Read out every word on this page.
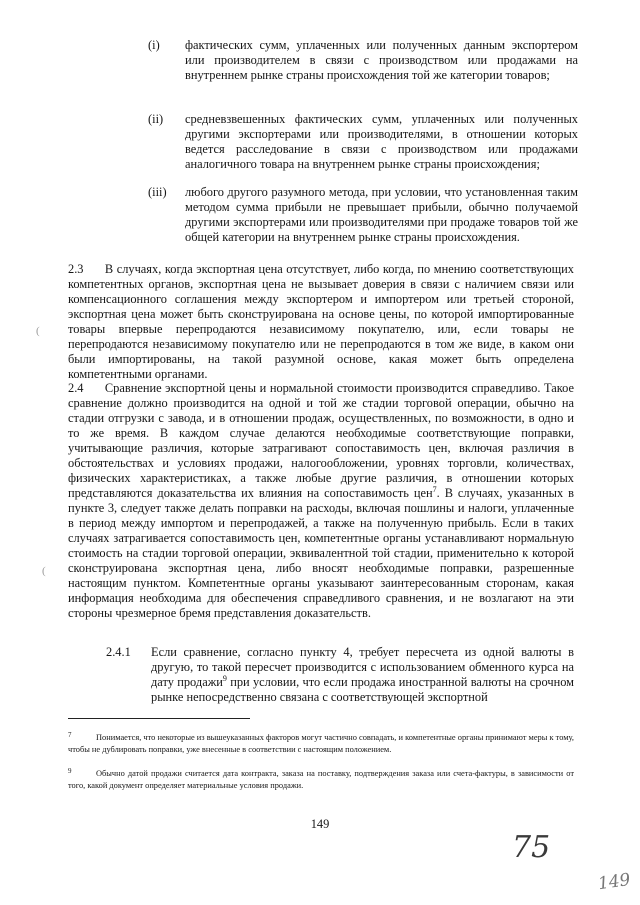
(i) фактических сумм, уплаченных или полученных данным экспортером или производителем в связи с производством или продажами на внутреннем рынке страны происхождения той же категории товаров;

(ii) средневзвешенных фактических сумм, уплаченных или полученных другими экспортерами или производителями, в отношении которых ведется расследование в связи с производством или продажами аналогичного товара на внутреннем рынке страны происхождения;

(iii) любого другого разумного метода, при условии, что установленная таким методом сумма прибыли не превышает прибыли, обычно получаемой другими экспортерами или производителями при продаже товаров той же общей категории на внутреннем рынке страны происхождения.

2.3 В случаях, когда экспортная цена отсутствует, либо когда, по мнению соответствующих компетентных органов, экспортная цена не вызывает доверия в связи с наличием связи или компенсационного соглашения между экспортером и импортером или третьей стороной, экспортная цена может быть сконструирована на основе цены, по которой импортированные товары впервые перепродаются независимому покупателю, или, если товары не перепродаются независимому покупателю или не перепродаются в том же виде, в каком они были импортированы, на такой разумной основе, какая может быть определена компетентными органами.

2.4 Сравнение экспортной цены и нормальной стоимости производится справедливо. Такое сравнение должно производится на одной и той же стадии торговой операции, обычно на стадии отгрузки с завода, и в отношении продаж, осуществленных, по возможности, в одно и то же время. В каждом случае делаются необходимые соответствующие поправки, учитывающие различия, которые затрагивают сопоставимость цен, включая различия в обстоятельствах и условиях продажи, налогообложении, уровнях торговли, количествах, физических характеристиках, а также любые другие различия, в отношении которых представляются доказательства их влияния на сопоставимость цен$^7$. В случаях, указанных в пункте 3, следует также делать поправки на расходы, включая пошлины и налоги, уплаченные в период между импортом и перепродажей, а также на полученную прибыль. Если в таких случаях затрагивается сопоставимость цен, компетентные органы устанавливают нормальную стоимость на стадии торговой операции, эквивалентной той стадии, применительно к которой сконструирована экспортная цена, либо вносят необходимые поправки, разрешенные настоящим пунктом. Компетентные органы указывают заинтересованным сторонам, какая информация необходима для обеспечения справедливого сравнения, и не возлагают на эти стороны чрезмерное бремя представления доказательств.

2.4.1 Если сравнение, согласно пункту 4, требует пересчета из одной валюты в другую, то такой пересчет производится с использованием обменного курса на дату продажи$^9$ при условии, что если продажа иностранной валюты на срочном рынке непосредственно связана с соответствующей экспортной

7	Понимается, что некоторые из вышеуказанных факторов могут частично совпадать, и компетентные органы принимают меры к тому, чтобы не дублировать поправки, уже внесенные в соответствии с настоящим положением.
9	Обычно датой продажи считается дата контракта, заказа на поставку, подтверждения заказа или счета-фактуры, в зависимости от того, какой документ определяет материальные условия продажи.
149
75
149
(
(
